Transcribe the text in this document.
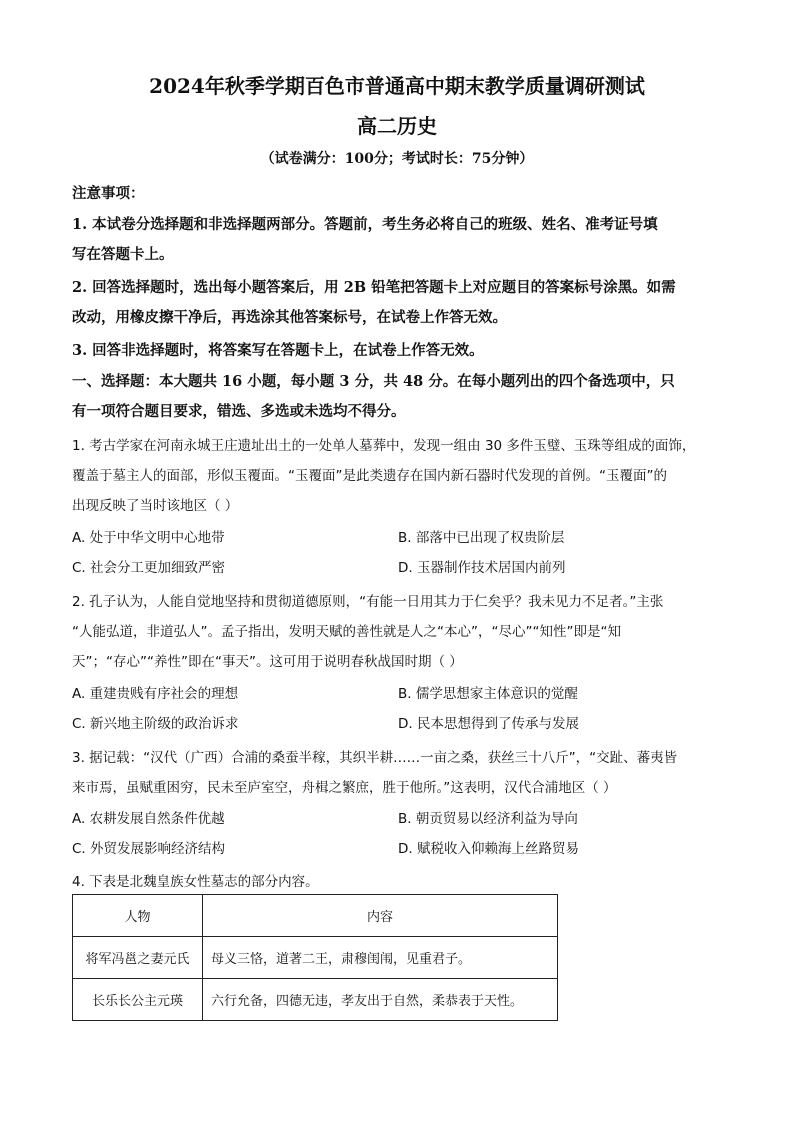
2024年秋季学期百色市普通高中期末教学质量调研测试
高二历史
（试卷满分：100分；考试时长：75分钟）
注意事项：
1. 本试卷分选择题和非选择题两部分。答题前，考生务必将自己的班级、姓名、准考证号填
写在答题卡上。
2. 回答选择题时，选出每小题答案后，用 2B 铅笔把答题卡上对应题目的答案标号涂黑。如需
改动，用橡皮擦干净后，再选涂其他答案标号，在试卷上作答无效。
3. 回答非选择题时，将答案写在答题卡上，在试卷上作答无效。
一、选择题：本大题共 16 小题，每小题 3 分，共 48 分。在每小题列出的四个备选项中，只
有一项符合题目要求，错选、多选或未选均不得分。
1. 考古学家在河南永城王庄遗址出土的一处单人墓葬中，发现一组由 30 多件玉璧、玉珠等组成的面饰，
覆盖于墓主人的面部，形似玉覆面。“玉覆面”是此类遗存在国内新石器时代发现的首例。“玉覆面”的
出现反映了当时该地区（ ）
A. 处于中华文明中心地带	B. 部落中已出现了权贵阶层
C. 社会分工更加细致严密	D. 玉器制作技术居国内前列
2. 孔子认为，人能自觉地坚持和贯彻道德原则，“有能一日用其力于仁矣乎？我未见力不足者。”主张
“人能弘道，非道弘人”。孟子指出，发明天赋的善性就是人之“本心”，“尽心”“知性”即是“知
天”；“存心”“养性”即在“事天”。这可用于说明春秋战国时期（ ）
A. 重建贵贱有序社会的理想	B. 儒学思想家主体意识的觉醒
C. 新兴地主阶级的政治诉求	D. 民本思想得到了传承与发展
3. 据记载：“汉代（广西）合浦的桑蚕半稼，其织半耕……一亩之桑，获丝三十八斤”，“交趾、蕃夷皆
来市焉，虽赋重困穷，民未至庐室空，舟楫之繁庶，胜于他所。”这表明，汉代合浦地区（ ）
A. 农耕发展自然条件优越	B. 朝贡贸易以经济利益为导向
C. 外贸发展影响经济结构	D. 赋税收入仰赖海上丝路贸易
4. 下表是北魏皇族女性墓志的部分内容。
人物	内容
将军冯邕之妻元氏	母义三恪，道著二王，肃穆闺闱，见重君子。
长乐长公主元瑛	六行允备，四德无违，孝友出于自然，柔恭表于天性。
